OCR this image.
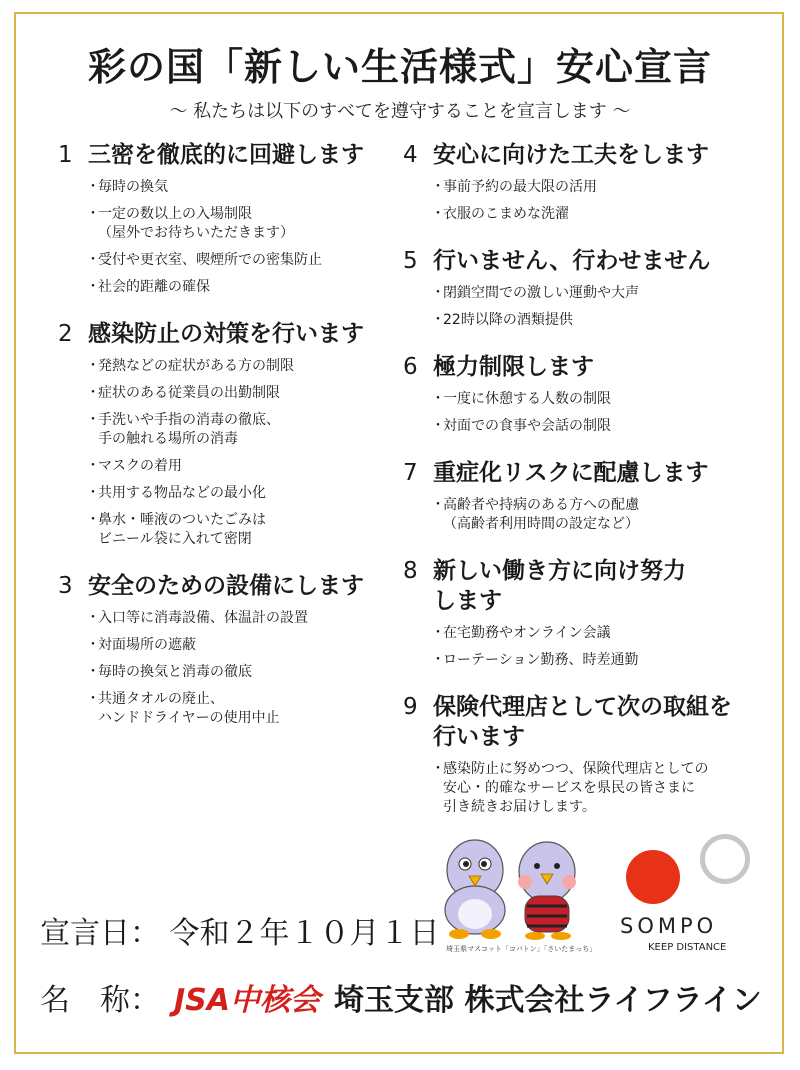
彩の国「新しい生活様式」安心宣言
～ 私たちは以下のすべてを遵守することを宣言します ～
1 三密を徹底的に回避します
・
毎時の換気
・
一定の数以上の入場制限
（屋外でお待ちいただきます）
・
受付や更衣室、喫煙所での密集防止
・
社会的距離の確保
2 感染防止の対策を行います
・
発熱などの症状がある方の制限
・
症状のある従業員の出勤制限
・
手洗いや手指の消毒の徹底、
手の触れる場所の消毒
・
マスクの着用
・
共用する物品などの最小化
・
鼻水・唾液のついたごみは
ビニール袋に入れて密閉
3 安全のための設備にします
・
入口等に消毒設備、体温計の設置
・
対面場所の遮蔽
・
毎時の換気と消毒の徹底
・
共通タオルの廃止、
ハンドドライヤーの使用中止
4 安心に向けた工夫をします
・
事前予約の最大限の活用
・
衣服のこまめな洗濯
5 行いません、行わせません
・
閉鎖空間での激しい運動や大声
・
22時以降の酒類提供
6 極力制限します
・
一度に休憩する人数の制限
・
対面での食事や会話の制限
7 重症化リスクに配慮します
・
高齢者や持病のある方への配慮
（高齢者利用時間の設定など）
8 新しい働き方に向け努力
します
・
在宅勤務やオンライン会議
・
ローテーション勤務、時差通勤
9 保険代理店として次の取組を
行います
・
感染防止に努めつつ、保険代理店としての
安心・的確なサービスを県民の皆さまに
引き続きお届けします。
埼玉県マスコット「コバトン」「さいたまっち」
SOMPO
KEEP DISTANCE
宣言日： 令和２年１０月１日
名　称： JSA中核会 埼玉支部 株式会社ライフライン
